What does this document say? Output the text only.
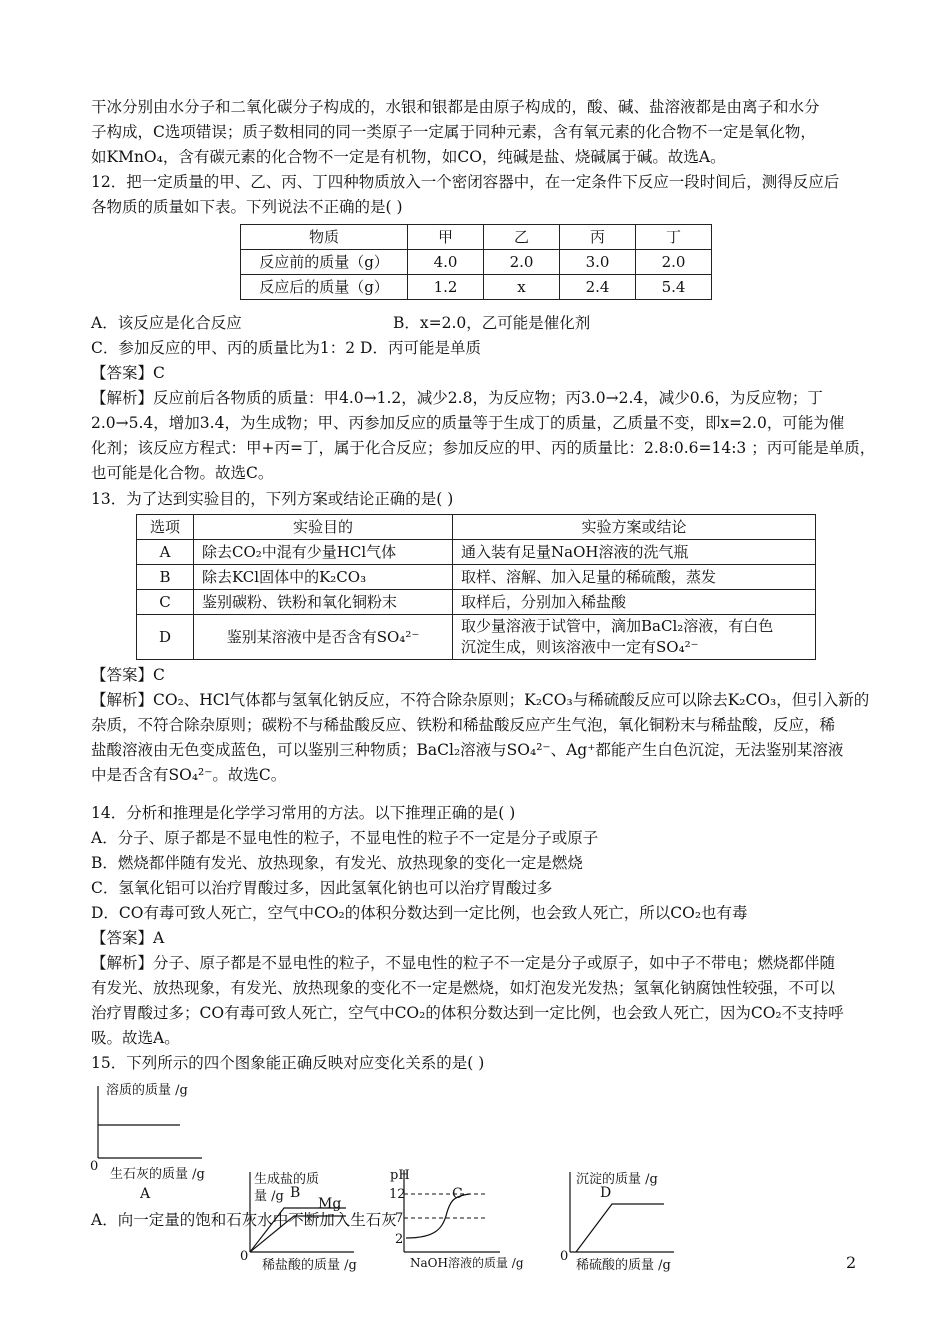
干冰分别由水分子和二氧化碳分子构成的，水银和银都是由原子构成的，酸、碱、盐溶液都是由离子和水分
子构成，C选项错误；质子数相同的同一类原子一定属于同种元素，含有氧元素的化合物不一定是氧化物，
如KMnO₄，含有碳元素的化合物不一定是有机物，如CO，纯碱是盐、烧碱属于碱。故选A。
12．把一定质量的甲、乙、丙、丁四种物质放入一个密闭容器中，在一定条件下反应一段时间后，测得反应后
各物质的质量如下表。下列说法不正确的是( )
物质	甲	乙	丙	丁
反应前的质量（g）	4.0	2.0	3.0	2.0
反应后的质量（g）	1.2	x	2.4	5.4
A．该反应是化合反应	B．x=2.0，乙可能是催化剂
C．参加反应的甲、丙的质量比为1：2 D．丙可能是单质
【答案】C
【解析】反应前后各物质的质量：甲4.0→1.2，减少2.8，为反应物；丙3.0→2.4，减少0.6，为反应物；丁
2.0→5.4，增加3.4，为生成物；甲、丙参加反应的质量等于生成丁的质量，乙质量不变，即x=2.0，可能为催
化剂；该反应方程式：甲+丙=丁，属于化合反应；参加反应的甲、丙的质量比：2.8:0.6=14:3 ；丙可能是单质，
也可能是化合物。故选C。
13．为了达到实验目的，下列方案或结论正确的是( )
选项	实验目的	实验方案或结论
A	除去CO₂中混有少量HCl气体	通入装有足量NaOH溶液的洗气瓶
B	除去KCl固体中的K₂CO₃	取样、溶解、加入足量的稀硫酸，蒸发
C	鉴别碳粉、铁粉和氧化铜粉末	取样后，分别加入稀盐酸
D	鉴别某溶液中是否含有SO₄²⁻	取少量溶液于试管中，滴加BaCl₂溶液，有白色
沉淀生成，则该溶液中一定有SO₄²⁻
【答案】C
【解析】CO₂、HCl气体都与氢氧化钠反应，不符合除杂原则；K₂CO₃与稀硫酸反应可以除去K₂CO₃，但引入新的
杂质，不符合除杂原则；碳粉不与稀盐酸反应、铁粉和稀盐酸反应产生气泡，氧化铜粉末与稀盐酸，反应，稀
盐酸溶液由无色变成蓝色，可以鉴别三种物质；BaCl₂溶液与SO₄²⁻、Ag⁺都能产生白色沉淀，无法鉴别某溶液
中是否含有SO₄²⁻。故选C。
14．分析和推理是化学学习常用的方法。以下推理正确的是( )
A．分子、原子都是不显电性的粒子，不显电性的粒子不一定是分子或原子
B．燃烧都伴随有发光、放热现象，有发光、放热现象的变化一定是燃烧
C．氢氧化铝可以治疗胃酸过多，因此氢氧化钠也可以治疗胃酸过多
D．CO有毒可致人死亡，空气中CO₂的体积分数达到一定比例，也会致人死亡，所以CO₂也有毒
【答案】A
【解析】分子、原子都是不显电性的粒子，不显电性的粒子不一定是分子或原子，如中子不带电；燃烧都伴随
有发光、放热现象，有发光、放热现象的变化不一定是燃烧，如灯泡发光发热；氢氧化钠腐蚀性较强，不可以
治疗胃酸过多；CO有毒可致人死亡，空气中CO₂的体积分数达到一定比例，也会致人死亡，因为CO₂不支持呼
吸。故选A。
15．下列所示的四个图象能正确反映对应变化关系的是( )
溶质的质量 /g
0
生石灰的质量 /g
A
生成盐的质
量 /g B
Mg
0
稀盐酸的质量 /g
pH
12
7
2
C
NaOH溶液的质量 /g
沉淀的质量 /g
D
0
稀硫酸的质量 /g
A．向一定量的饱和石灰水中不断加入生石灰
2
